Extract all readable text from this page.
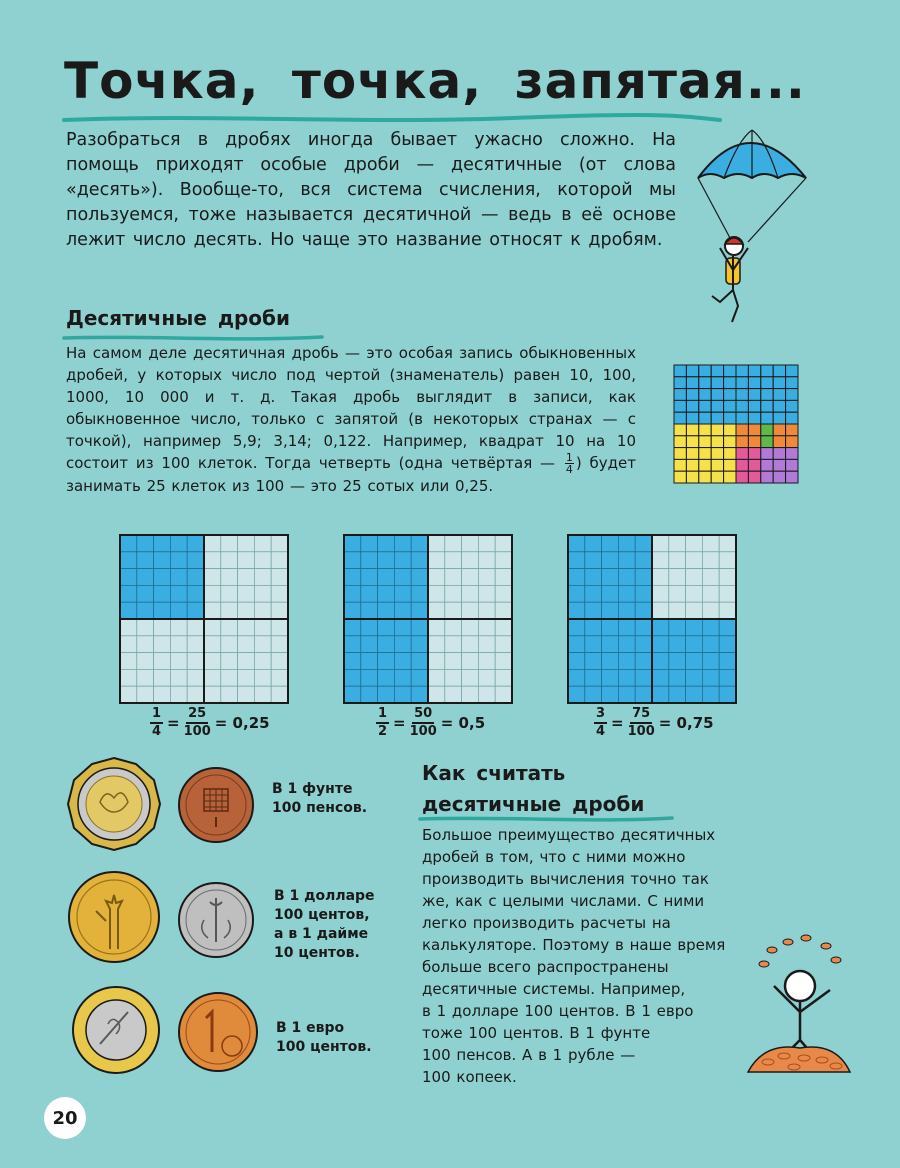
Точка, точка, запятая...

Разобраться в дробях иногда бывает ужасно сложно. На помощь приходят особые дроби — десятичные (от слова «десять»). Вообще-то, вся система счисления, которой мы пользуемся, тоже называется десятичной — ведь в её основе лежит число десять. Но чаще это название относят к дробям.

Десятичные дроби

На самом деле десятичная дробь — это особая запись обыкновенных дробей, у которых число под чертой (знаменатель) равен 10, 100, 1000, 10 000 и т. д. Такая дробь выглядит в записи, как обыкновенное число, только с запятой (в некоторых странах — с точкой), например 5,9; 3,14; 0,122. Например, квадрат 10 на 10 состоит из 100 клеток. Тогда четверть (одна четвёртая — $\frac{1}{4}$ ) будет занимать 25 клеток из 100 — это 25 сотых или 0,25.

$\frac{1}{4} = \frac{25}{100} = 0,25$	$\frac{1}{2} = \frac{50}{100} = 0,5$	$\frac{3}{4} = \frac{75}{100} = 0,75$

В 1 фунте
100 пенсов.

В 1 долларе
100 центов,
а в 1 дайме
10 центов.

В 1 евро
100 центов.

Как считать
десятичные дроби

Большое преимущество десятичных
дробей в том, что с ними можно
производить вычисления точно так
же, как с целыми числами. С ними
легко производить расчеты на
калькуляторе. Поэтому в наше время
больше всего распространены
десятичные системы. Например,
в 1 долларе 100 центов. В 1 евро
тоже 100 центов. В 1 фунте
100 пенсов. А в 1 рубле —
100 копеек.

20
